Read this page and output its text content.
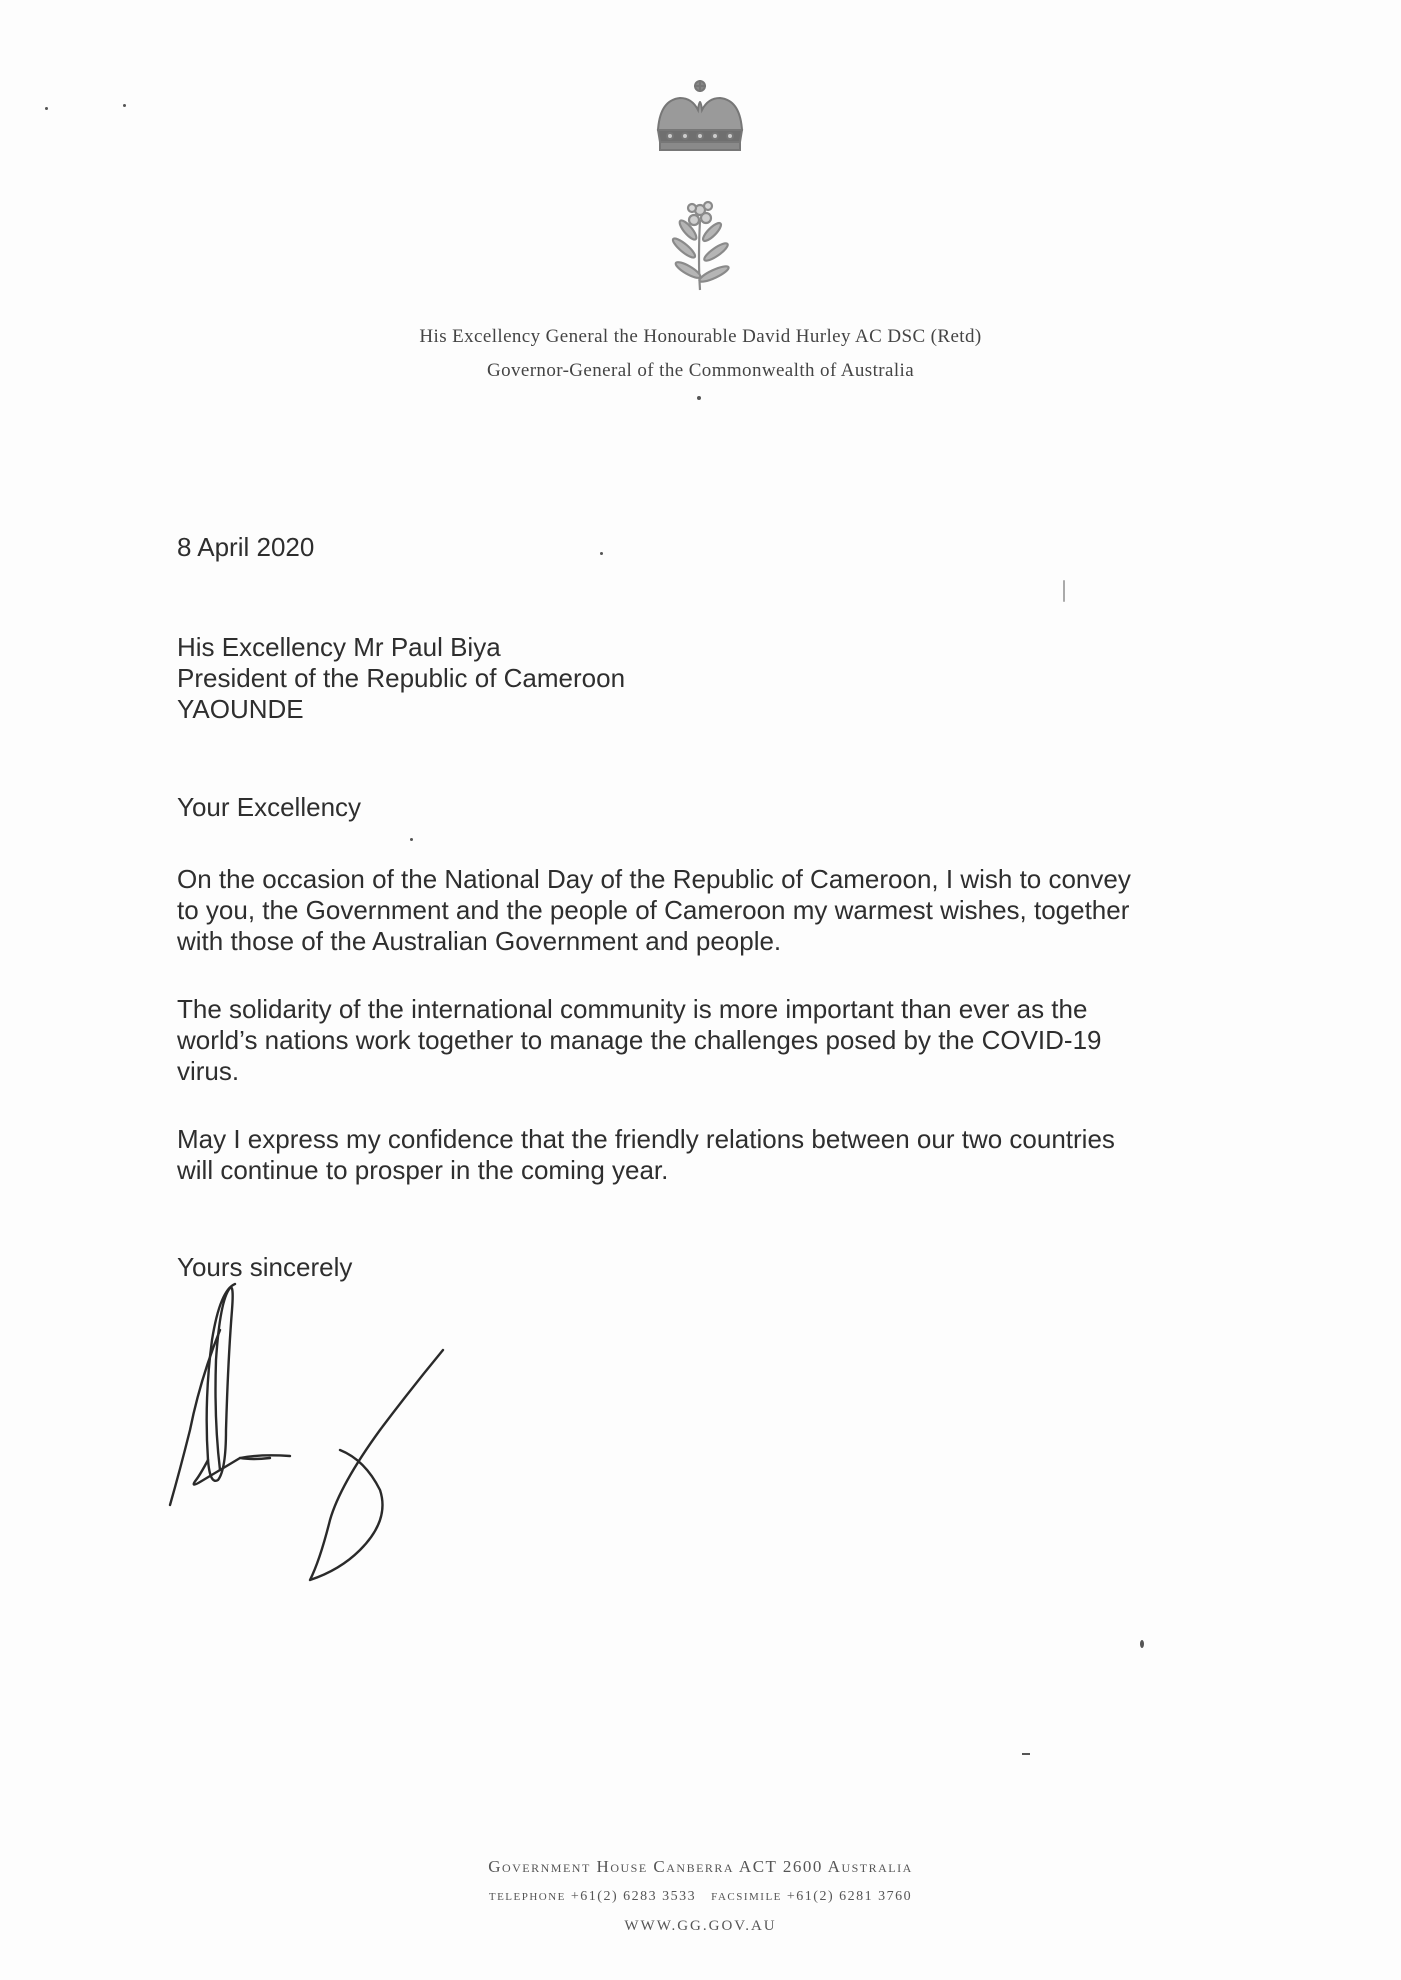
His Excellency General the Honourable David Hurley AC DSC (Retd)
Governor-General of the Commonwealth of Australia
8 April 2020
His Excellency Mr Paul Biya
President of the Republic of Cameroon
YAOUNDE
Your Excellency
On the occasion of the National Day of the Republic of Cameroon, I wish to convey
to you, the Government and the people of Cameroon my warmest wishes, together
with those of the Australian Government and people.
The solidarity of the international community is more important than ever as the
world’s nations work together to manage the challenges posed by the COVID-19
virus.
May I express my confidence that the friendly relations between our two countries
will continue to prosper in the coming year.
Yours sincerely
Government House Canberra ACT 2600 Australia
telephone +61(2) 6283 3533 facsimile +61(2) 6281 3760
WWW.GG.GOV.AU
